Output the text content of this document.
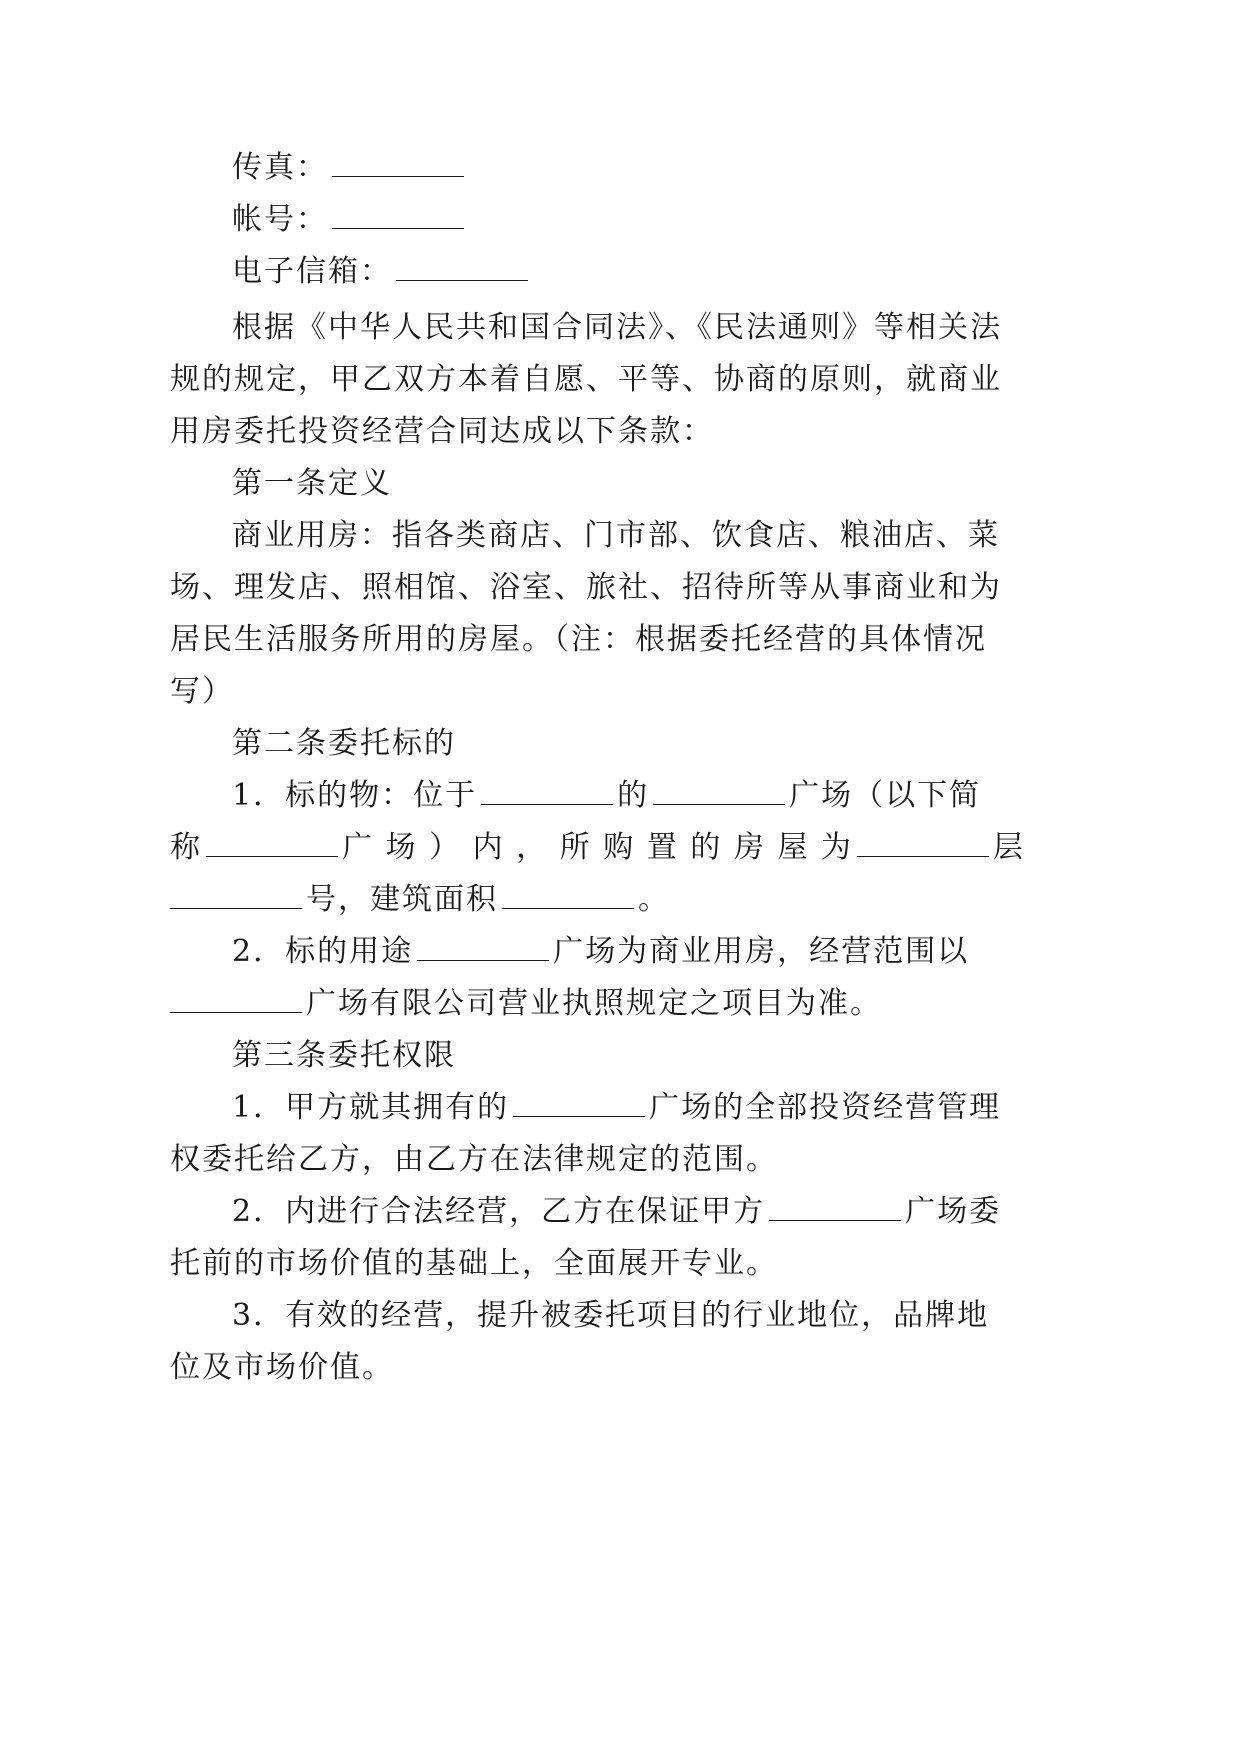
传真：
帐号：
电子信箱：
根据《中华人民共和国合同法》、《民法通则》等相关法
规的规定，甲乙双方本着自愿、平等、协商的原则，就商业
用房委托投资经营合同达成以下条款：
第一条定义
商业用房：指各类商店、门市部、饮食店、粮油店、菜
场、理发店、照相馆、浴室、旅社、招待所等从事商业和为
居民生活服务所用的房屋。（注：根据委托经营的具体情况
写）
第二条委托标的
1．标的物：位于	的	广场（以下简
称	广 场 ） 内 ， 所 购 置 的 房 屋 为	层
号，建筑面积	。
2．标的用途	广场为商业用房，经营范围以
广场有限公司营业执照规定之项目为准。
第三条委托权限
1．甲方就其拥有的	广场的全部投资经营管理
权委托给乙方，由乙方在法律规定的范围。
2．内进行合法经营，乙方在保证甲方	广场委
托前的市场价值的基础上，全面展开专业。
3．有效的经营，提升被委托项目的行业地位，品牌地
位及市场价值。
